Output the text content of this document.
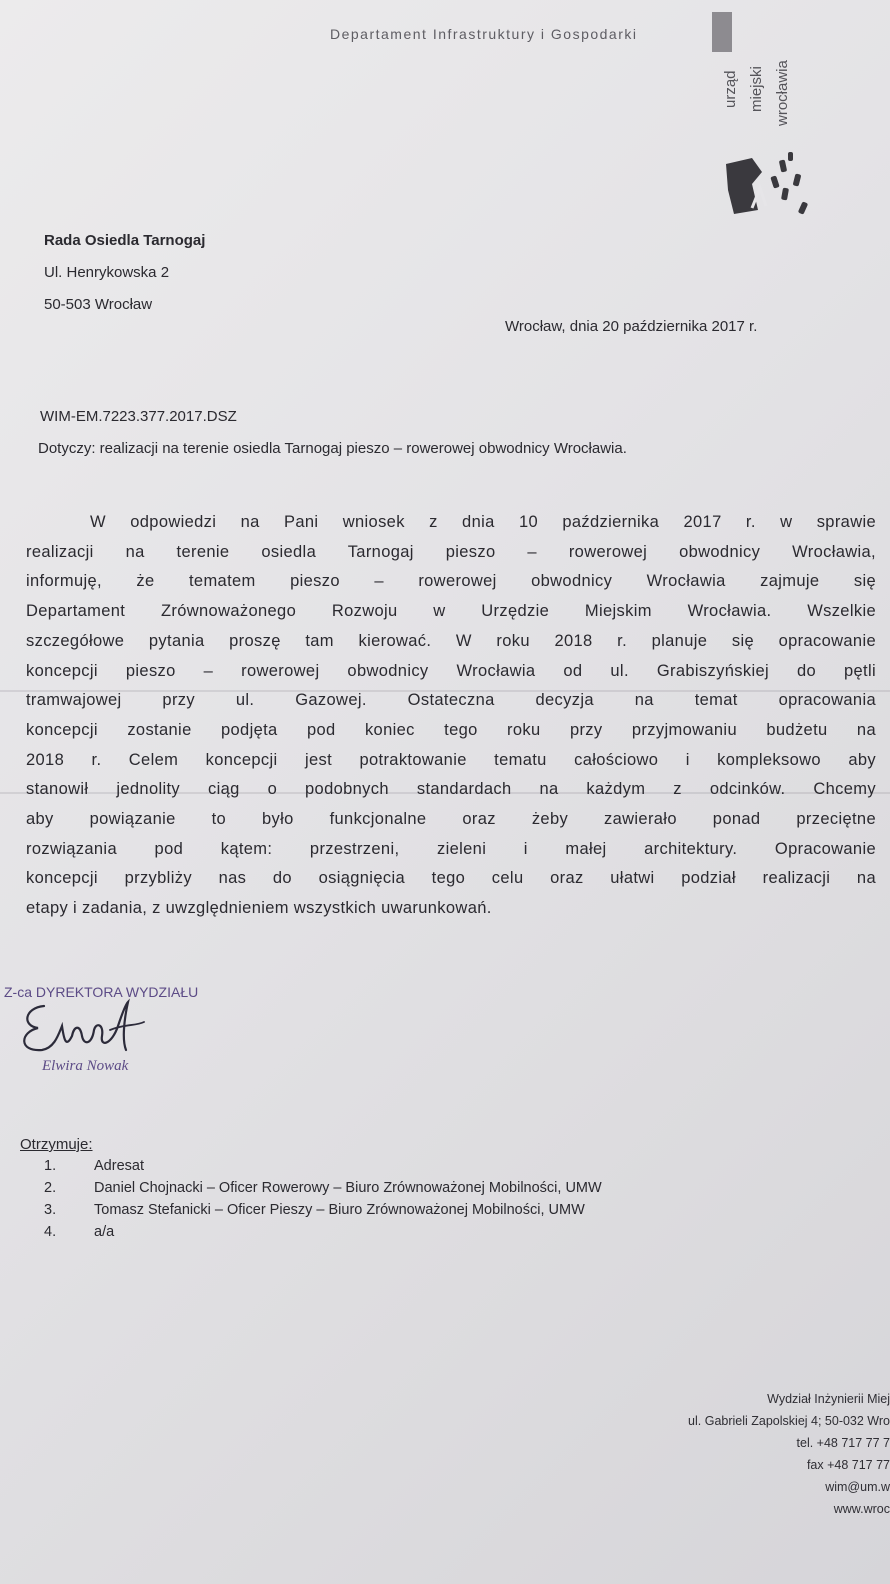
Departament Infrastruktury i Gospodarki
urząd miejski wrocławia
Rada Osiedla Tarnogaj
Ul. Henrykowska 2
50-503 Wrocław
Wrocław, dnia 20 października 2017 r.
WIM-EM.7223.377.2017.DSZ
Dotyczy: realizacji na terenie osiedla Tarnogaj pieszo – rowerowej obwodnicy Wrocławia.
W odpowiedzi na Pani wniosek z dnia 10 października 2017 r. w sprawie
realizacji na terenie osiedla Tarnogaj pieszo – rowerowej obwodnicy Wrocławia,
informuję, że tematem pieszo – rowerowej obwodnicy Wrocławia zajmuje się
Departament Zrównoważonego Rozwoju w Urzędzie Miejskim Wrocławia. Wszelkie
szczegółowe pytania proszę tam kierować. W roku 2018 r. planuje się opracowanie
koncepcji pieszo – rowerowej obwodnicy Wrocławia od ul. Grabiszyńskiej do pętli
tramwajowej przy ul. Gazowej. Ostateczna decyzja na temat opracowania
koncepcji zostanie podjęta pod koniec tego roku przy przyjmowaniu budżetu na
2018 r. Celem koncepcji jest potraktowanie tematu całościowo i kompleksowo aby
stanowił jednolity ciąg o podobnych standardach na każdym z odcinków. Chcemy
aby powiązanie to było funkcjonalne oraz żeby zawierało ponad przeciętne
rozwiązania pod kątem: przestrzeni, zieleni i małej architektury. Opracowanie
koncepcji przybliży nas do osiągnięcia tego celu oraz ułatwi podział realizacji na
etapy i zadania, z uwzględnieniem wszystkich uwarunkowań.
Z-ca DYREKTORA WYDZIAŁU
Elwira Nowak
Otrzymuje:
1.	Adresat
2.	Daniel Chojnacki – Oficer Rowerowy – Biuro Zrównoważonej Mobilności, UMW
3.	Tomasz Stefanicki – Oficer Pieszy – Biuro Zrównoważonej Mobilności, UMW
4.	a/a
Wydział Inżynierii Miej
ul. Gabrieli Zapolskiej 4; 50-032 Wro
tel. +48 717 77 7
fax +48 717 77
wim@um.w
www.wroc
